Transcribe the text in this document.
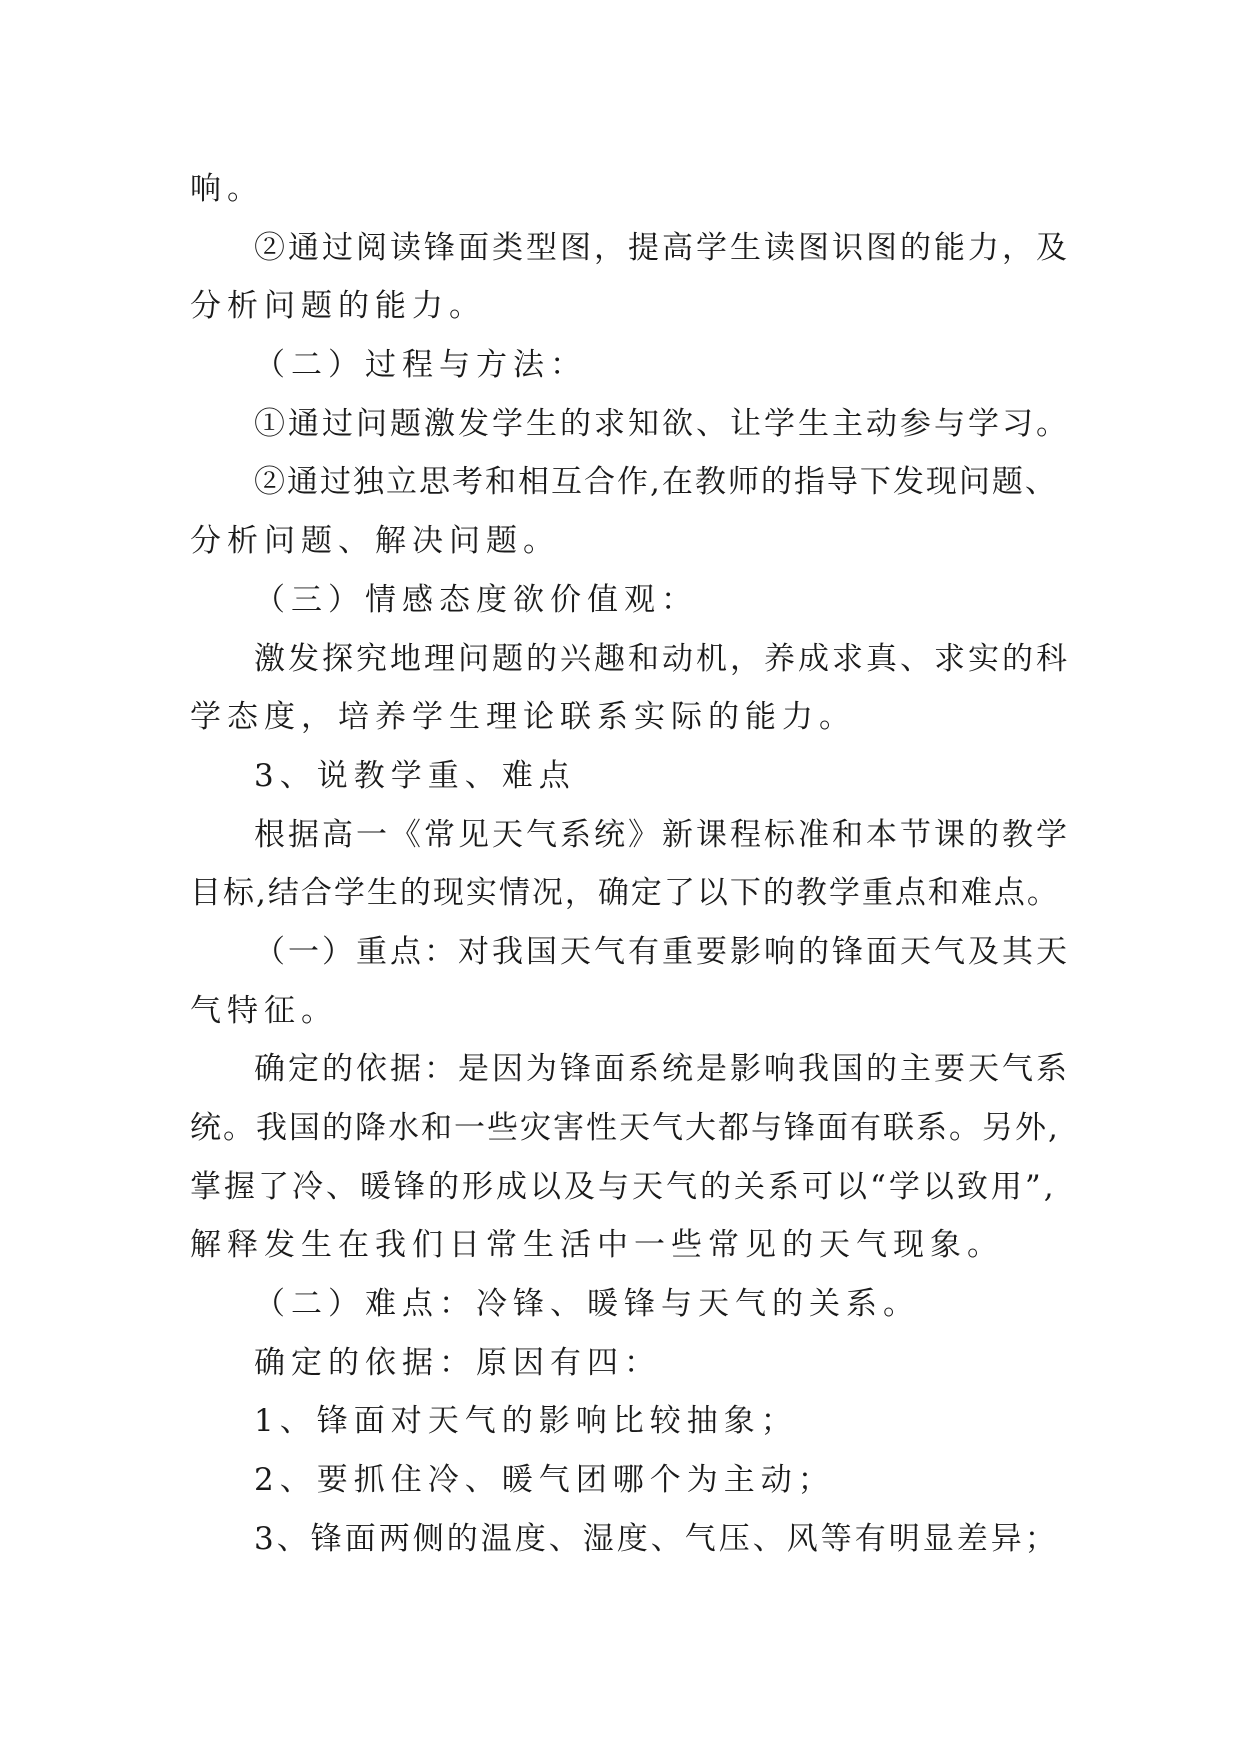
响。
②通过阅读锋面类型图，提高学生读图识图的能力，及
分析问题的能力。
（二）过程与方法：
①通过问题激发学生的求知欲、让学生主动参与学习。
②通过独立思考和相互合作,在教师的指导下发现问题、
分析问题、解决问题。
（三）情感态度欲价值观：
激发探究地理问题的兴趣和动机，养成求真、求实的科
学态度，培养学生理论联系实际的能力。
3、说教学重、难点
根据高一《常见天气系统》新课程标准和本节课的教学
目标,结合学生的现实情况，确定了以下的教学重点和难点。
（一）重点：对我国天气有重要影响的锋面天气及其天
气特征。
确定的依据：是因为锋面系统是影响我国的主要天气系
统。我国的降水和一些灾害性天气大都与锋面有联系。另外,
掌握了冷、暖锋的形成以及与天气的关系可以“学以致用”,
解释发生在我们日常生活中一些常见的天气现象。
（二）难点：冷锋、暖锋与天气的关系。
确定的依据：原因有四：
1、锋面对天气的影响比较抽象；
2、要抓住冷、暖气团哪个为主动；
3、锋面两侧的温度、湿度、气压、风等有明显差异；
